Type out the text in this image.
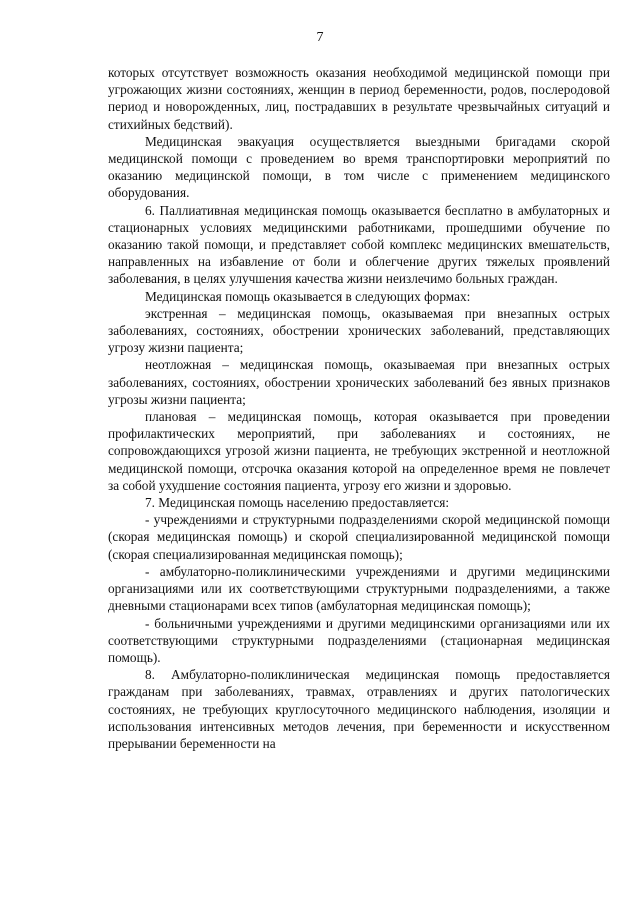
7

которых отсутствует возможность оказания необходимой медицинской помощи при угрожающих жизни состояниях, женщин в период беременности, родов, послеродовой период и новорожденных, лиц, пострадавших в результате чрезвычайных ситуаций и стихийных бедствий).

Медицинская эвакуация осуществляется выездными бригадами скорой медицинской помощи с проведением во время транспортировки мероприятий по оказанию медицинской помощи, в том числе с применением медицинского оборудования.

6. Паллиативная медицинская помощь оказывается бесплатно в амбулаторных и стационарных условиях медицинскими работниками, прошедшими обучение по оказанию такой помощи, и представляет собой комплекс медицинских вмешательств, направленных на избавление от боли и облегчение других тяжелых проявлений заболевания, в целях улучшения качества жизни неизлечимо больных граждан.

Медицинская помощь оказывается в следующих формах:

экстренная – медицинская помощь, оказываемая при внезапных острых заболеваниях, состояниях, обострении хронических заболеваний, представляющих угрозу жизни пациента;

неотложная – медицинская помощь, оказываемая при внезапных острых заболеваниях, состояниях, обострении хронических заболеваний без явных признаков угрозы жизни пациента;

плановая – медицинская помощь, которая оказывается при проведении профилактических мероприятий, при заболеваниях и состояниях, не сопровождающихся угрозой жизни пациента, не требующих экстренной и неотложной медицинской помощи, отсрочка оказания которой на определенное время не повлечет за собой ухудшение состояния пациента, угрозу его жизни и здоровью.

7. Медицинская помощь населению предоставляется:

- учреждениями и структурными подразделениями скорой медицинской помощи (скорая медицинская помощь) и скорой специализированной медицинской помощи (скорая специализированная медицинская помощь);

- амбулаторно-поликлиническими учреждениями и другими медицинскими организациями или их соответствующими структурными подразделениями, а также дневными стационарами всех типов (амбулаторная медицинская помощь);

- больничными учреждениями и другими медицинскими организациями или их соответствующими структурными подразделениями (стационарная медицинская помощь).

8. Амбулаторно-поликлиническая медицинская помощь предоставляется гражданам при заболеваниях, травмах, отравлениях и других патологических состояниях, не требующих круглосуточного медицинского наблюдения, изоляции и использования интенсивных методов лечения, при беременности и искусственном прерывании беременности на
